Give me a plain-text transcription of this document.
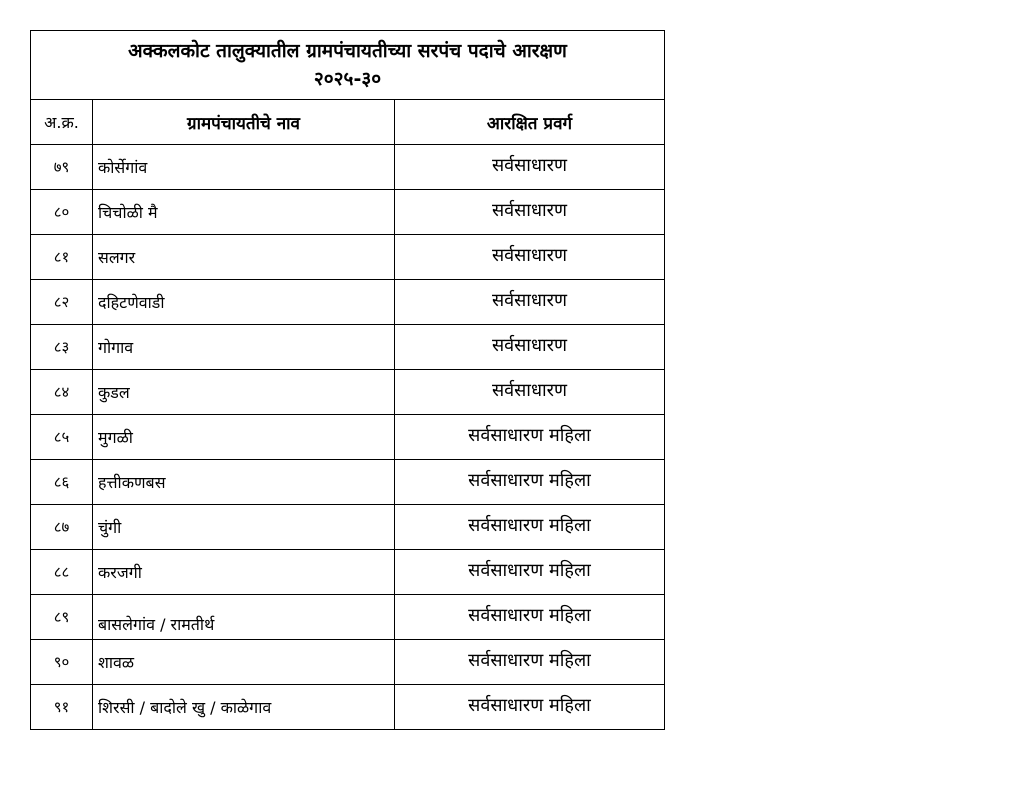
अक्कलकोट तालुक्यातील ग्रामपंचायतीच्या सरपंच पदाचे आरक्षण
२०२५-३०		

अ.क्र.	ग्रामपंचायतीचे नाव	आरक्षित प्रवर्ग
७९	कोर्सेगांव	सर्वसाधारण
८०	चिचोळी मै	सर्वसाधारण
८१	सलगर	सर्वसाधारण
८२	दहिटणेवाडी	सर्वसाधारण
८३	गोगाव	सर्वसाधारण
८४	कुडल	सर्वसाधारण
८५	मुगळी	सर्वसाधारण महिला
८६	हत्तीकणबस	सर्वसाधारण महिला
८७	चुंगी	सर्वसाधारण महिला
८८	करजगी	सर्वसाधारण महिला
८९	बासलेगांव / रामतीर्थ	सर्वसाधारण महिला
९०	शावळ	सर्वसाधारण महिला
९१	शिरसी / बादोले खु / काळेगाव	सर्वसाधारण महिला
